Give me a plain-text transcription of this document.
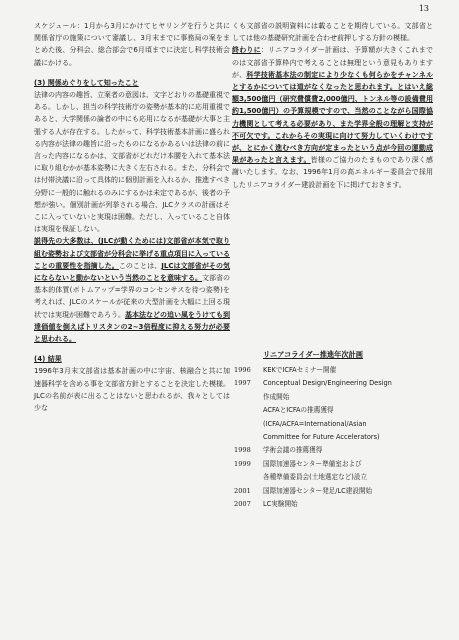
13

スケジュール：1月から3月にかけてヒヤリングを行うと共に関係省庁の施策について審議し、3月末までに事務局の案をまとめた後、分科会、総合部会で6月頃までに決定し科学技術会議にかける。

(3) 関係めぐりをして知ったこと

法律の内容の趣旨、立案者の意図は、文字どおりの基礎重視である。しかし、担当の科学技術庁の姿勢が基本的に応用重視であると、大学関係の論者の中にも応用になるが基礎が大事と主張する人が存在する。したがって、科学技術基本計画に盛られる内容が法律の趣旨に沿ったものになるかあるいは法律の前に言った内容になるかは、文部省がどれだけ本腰を入れて基本法に取り組むかが基本姿勢に大きく左右される。また、分科会では付帯決議に沿って具体的に個別計画を入れるか、推進すべき分野に一般的に触れるのみにするかは未定であるが、後者の予想が強い。個別計画が列挙される場合、JLCクラスの計画はそこに入っていないと実現は困難。ただし、入っていること自体は実現を保証しない。

説得先の大多数は、(JLCが動くためには)文部省が本気で取り組む姿勢および文部省が分科会に挙げる重点項目に入っていることの重要性を指摘した。このことは、JLCは文部省がその気にならないと動かないという当然のことを意味する。文部省の基本的体質(ボトムアップ=学界のコンセンサスを待つ姿勢)を考えれば、JLCのスケールが従来の大型計画を大幅に上回る現状では実現が困難であろう。基本法などの追い風をうけても到達価値を倒えばトリスタンの2~3倍程度に抑える努力が必要と思われる。

(4) 結果

1996年3月末文部省は基本計画の中に宇宙、核融合と共に加速器科学を含める事を文部省方針とすることを決定した模様。JLCの名前が表に出ることはないと思われるが、我々としては少な

くも文部省の説明資料には載ることを期待している。文部省としては他の基礎研究計画を合わせ前押しする方針の模様。

終わりに：リニアコライダー計画は、予算額が大きくこれまでのは文部省予算枠内で考えることは無理という意見もありますが、科学技術基本法の制定により少なくも何らかをチャンネルとするかについては道がなくなったと思われます。とはいえ総額3,500億円（研究費償費2,000億円、トンネル等の設備費用約1,500億円）の予算規模ですので、当然のことながら国際協力機関として考える必要があり、また学界全般の理解と支持が不可欠です。これからその実現に向けて努力していくわけですが、とにかく進むべき方向が定まったという点が今回の運動成果があったと言えます。皆様のご協力のたまものであり深く感謝いたします。なお、1996年1月の高エネルギー委員会で採用したリニアコライダー建設計画を下に掲げておきます。

リニアコライダー推進年次計画
1996	KEKでICFAセミナー開催
1997	Conceptual Design/Engineering Design
作成開始
ACFAとICFAの推薦獲得
(ICFA/ACFA=International/Asian
Committee for Future Accelerators)
1998	学術会議の推薦獲得
1999	国際加速器センター準備室および
各種準備委員会(土地選定など)設立
2001	国際加速器センター発足/LC建設開始
2007	LC実験開始
